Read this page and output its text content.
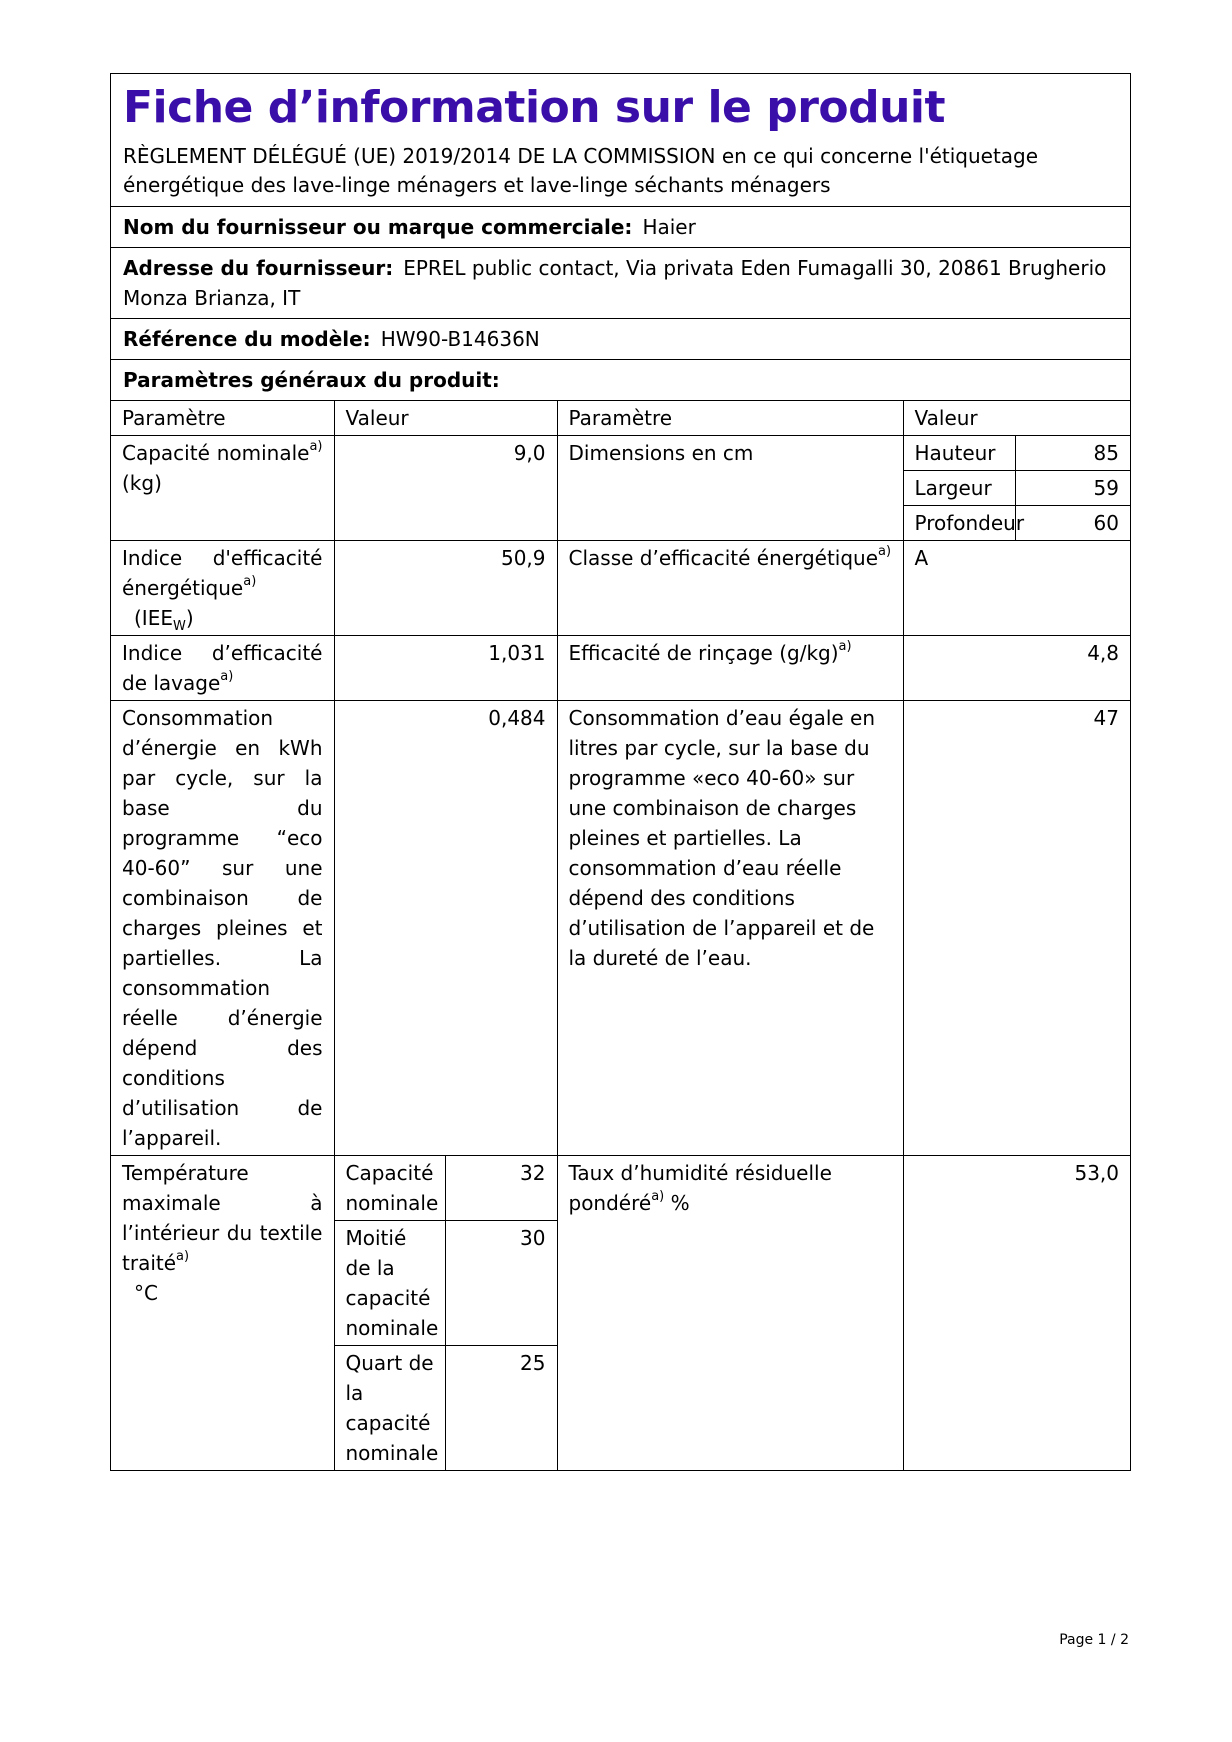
Fiche d’information sur le produit
RÈGLEMENT DÉLÉGUÉ (UE) 2019/2014 DE LA COMMISSION en ce qui concerne l'étiquetage énergétique des lave-linge ménagers et lave-linge séchants ménagers
Nom du fournisseur ou marque commerciale: Haier
Adresse du fournisseur: EPREL public contact, Via privata Eden Fumagalli 30, 20861 Brugherio Monza Brianza, IT
Référence du modèle: HW90-B14636N
Paramètres généraux du produit:
Paramètre	Valeur	Paramètre	Valeur
Capacité nominale$^{a)}$ (kg)	9,0	Dimensions en cm		Hauteur	85
Largeur	59
Profondeur	60

Indice d'efficacité énergétique$^{a)}$
$(IEE_W)$	50,9	Classe d’efficacité énergétique$^{a)}$	A
Indice d’efficacité de lavage$^{a)}$	1,031	Efficacité de rinçage $(g/kg)^{a)}$	4,8
Consommation d’énergie en kWh par cycle, sur la base du programme “eco 40-60” sur une combinaison de charges pleines et partielles. La consommation réelle d’énergie dépend des conditions d’utilisation de l’appareil.	0,484	Consommation d’eau égale en litres par cycle, sur la base du programme «eco 40-60» sur une combinaison de charges pleines et partielles. La consommation d’eau réelle dépend des conditions d’utilisation de l’appareil et de la dureté de l’eau.	47
Température maximale à l’intérieur du textile traité$^{a)}$
°C	
Capacité nominale	32
Moitié de la capacité nominale	30
Quart de la capacité nominale	25
	Taux d’humidité résiduelle pondéré$^{a)}$ %	53,0
Page 1 / 2
